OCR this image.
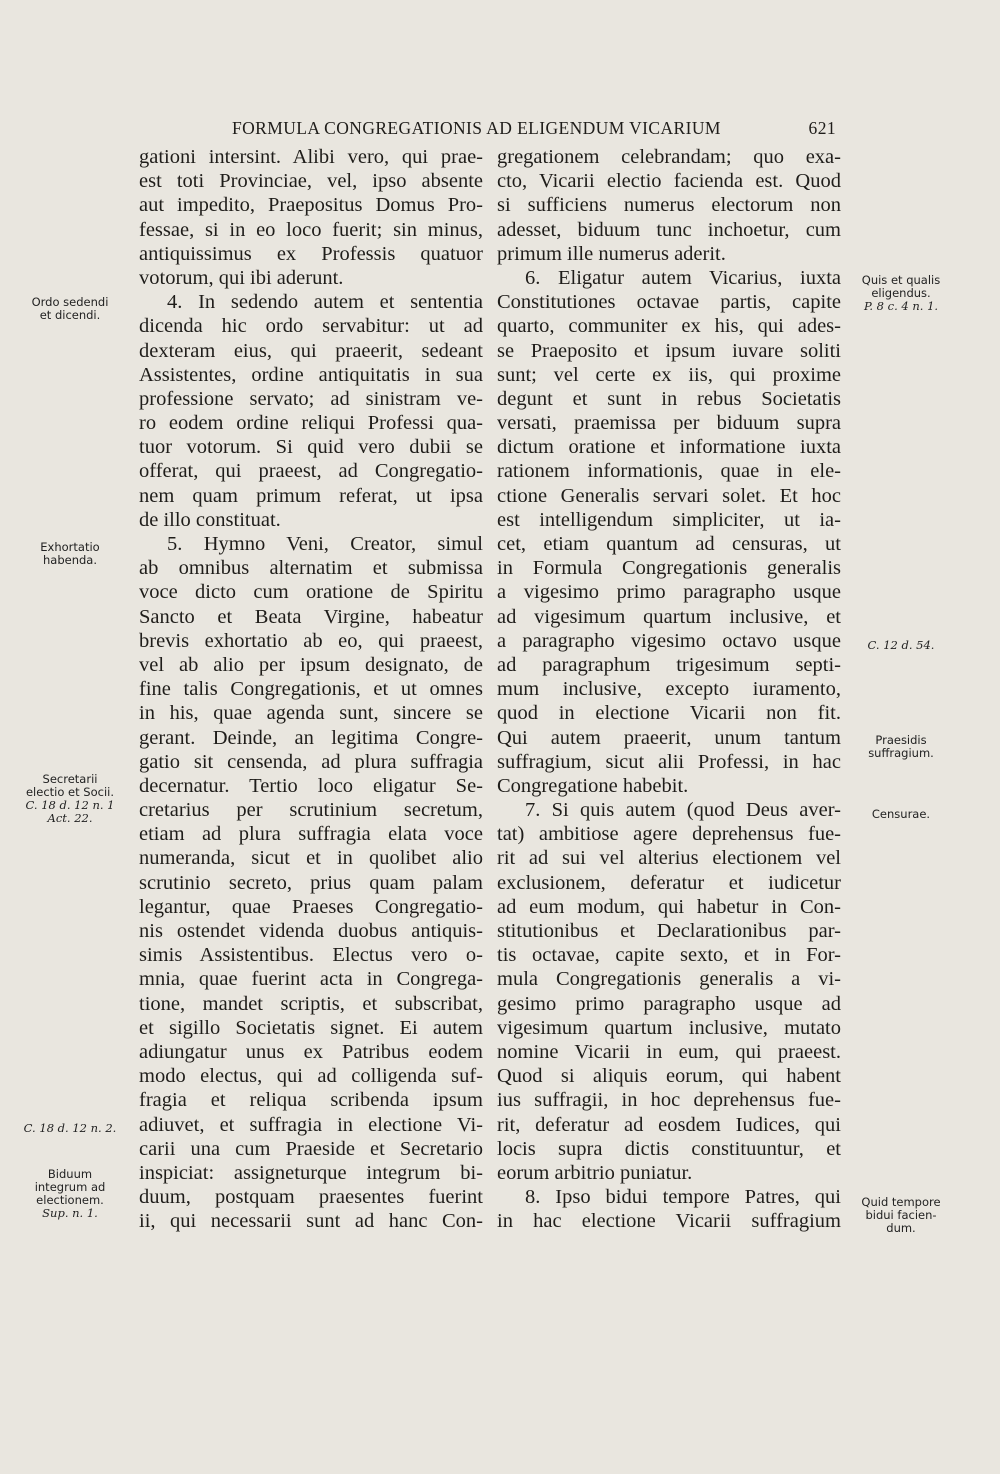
FORMULA CONGREGATIONIS AD ELIGENDUM VICARIUM	621
gationi intersint. Alibi vero, qui prae-
est toti Provinciae, vel, ipso absente
aut impedito, Praepositus Domus Pro-
fessae, si in eo loco fuerit; sin minus,
antiquissimus ex Professis quatuor
votorum, qui ibi aderunt.
4. In sedendo autem et sententia
dicenda hic ordo servabitur: ut ad
dexteram eius, qui praeerit, sedeant
Assistentes, ordine antiquitatis in sua
professione servato; ad sinistram ve-
ro eodem ordine reliqui Professi qua-
tuor votorum. Si quid vero dubii se
offerat, qui praeest, ad Congregatio-
nem quam primum referat, ut ipsa
de illo constituat.
5. Hymno Veni, Creator, simul
ab omnibus alternatim et submissa
voce dicto cum oratione de Spiritu
Sancto et Beata Virgine, habeatur
brevis exhortatio ab eo, qui praeest,
vel ab alio per ipsum designato, de
fine talis Congregationis, et ut omnes
in his, quae agenda sunt, sincere se
gerant. Deinde, an legitima Congre-
gatio sit censenda, ad plura suffragia
decernatur. Tertio loco eligatur Se-
cretarius per scrutinium secretum,
etiam ad plura suffragia elata voce
numeranda, sicut et in quolibet alio
scrutinio secreto, prius quam palam
legantur, quae Praeses Congregatio-
nis ostendet videnda duobus antiquis-
simis Assistentibus. Electus vero o-
mnia, quae fuerint acta in Congrega-
tione, mandet scriptis, et subscribat,
et sigillo Societatis signet. Ei autem
adiungatur unus ex Patribus eodem
modo electus, qui ad colligenda suf-
fragia et reliqua scribenda ipsum
adiuvet, et suffragia in electione Vi-
carii una cum Praeside et Secretario
inspiciat: assigneturque integrum bi-
duum, postquam praesentes fuerint
ii, qui necessarii sunt ad hanc Con-
gregationem celebrandam; quo exa-
cto, Vicarii electio facienda est. Quod
si sufficiens numerus electorum non
adesset, biduum tunc inchoetur, cum
primum ille numerus aderit.
6. Eligatur autem Vicarius, iuxta
Constitutiones octavae partis, capite
quarto, communiter ex his, qui ades-
se Praeposito et ipsum iuvare soliti
sunt; vel certe ex iis, qui proxime
degunt et sunt in rebus Societatis
versati, praemissa per biduum supra
dictum oratione et informatione iuxta
rationem informationis, quae in ele-
ctione Generalis servari solet. Et hoc
est intelligendum simpliciter, ut ia-
cet, etiam quantum ad censuras, ut
in Formula Congregationis generalis
a vigesimo primo paragrapho usque
ad vigesimum quartum inclusive, et
a paragrapho vigesimo octavo usque
ad paragraphum trigesimum septi-
mum inclusive, excepto iuramento,
quod in electione Vicarii non fit.
Qui autem praeerit, unum tantum
suffragium, sicut alii Professi, in hac
Congregatione habebit.
7. Si quis autem (quod Deus aver-
tat) ambitiose agere deprehensus fue-
rit ad sui vel alterius electionem vel
exclusionem, deferatur et iudicetur
ad eum modum, qui habetur in Con-
stitutionibus et Declarationibus par-
tis octavae, capite sexto, et in For-
mula Congregationis generalis a vi-
gesimo primo paragrapho usque ad
vigesimum quartum inclusive, mutato
nomine Vicarii in eum, qui praeest.
Quod si aliquis eorum, qui habent
ius suffragii, in hoc deprehensus fue-
rit, deferatur ad eosdem Iudices, qui
locis supra dictis constituuntur, et
eorum arbitrio puniatur.
8. Ipso bidui tempore Patres, qui
in hac electione Vicarii suffragium
Ordo sedendi
et dicendi.
Exhortatio
habenda.
Secretarii
electio et Socii.
C. 18 d. 12 n. 1
Act. 22.
C. 18 d. 12 n. 2.
Biduum
integrum ad
electionem.
Sup. n. 1.
Quis et qualis
eligendus.
P. 8 c. 4 n. 1.
C. 12 d. 54.
Praesidis
suffragium.
Censurae.
Quid tempore
bidui facien-
dum.
